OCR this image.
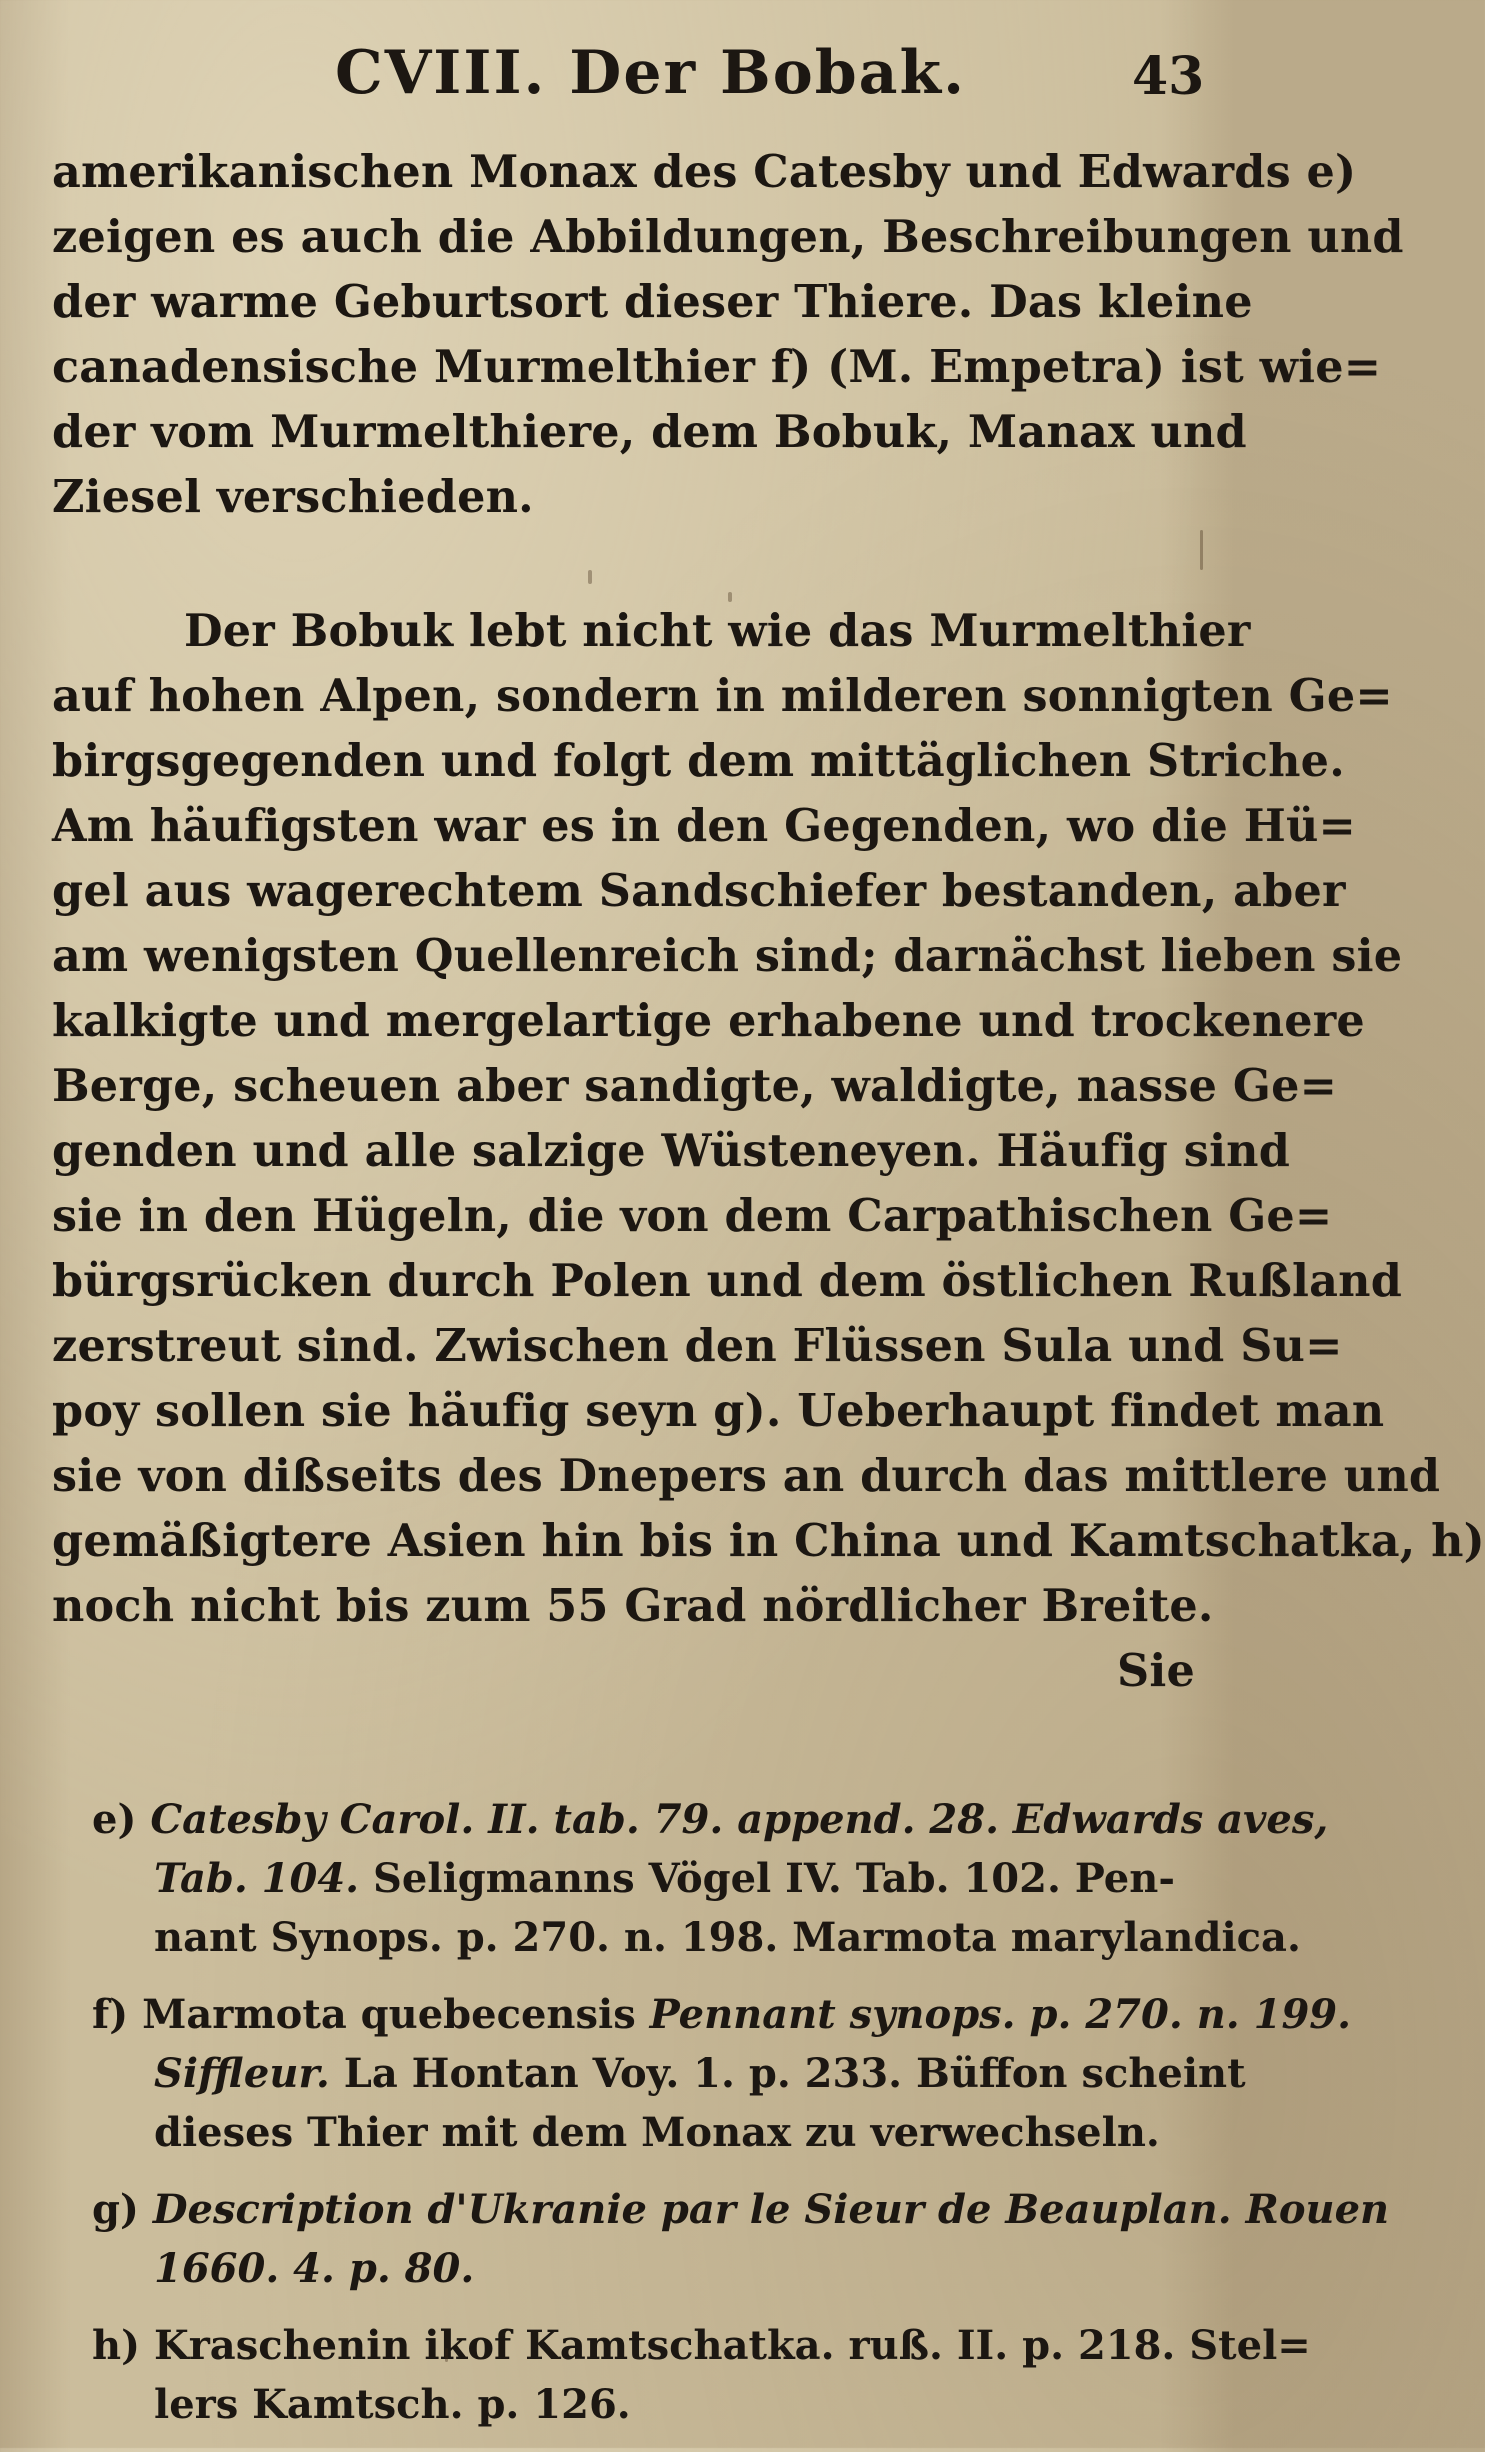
CVIII. Der Bobak.	43
amerikanischen Monax des Catesby und Edwards e)
zeigen es auch die Abbildungen, Beschreibungen und
der warme Geburtsort dieser Thiere. Das kleine
canadensische Murmelthier f) (M. Empetra) ist wie=
der vom Murmelthiere, dem Bobuk, Manax und
Ziesel verschieden.
Der Bobuk lebt nicht wie das Murmelthier
auf hohen Alpen, sondern in milderen sonnigten Ge=
birgsgegenden und folgt dem mittäglichen Striche.
Am häufigsten war es in den Gegenden, wo die Hü=
gel aus wagerechtem Sandschiefer bestanden, aber
am wenigsten Quellenreich sind; darnächst lieben sie
kalkigte und mergelartige erhabene und trockenere
Berge, scheuen aber sandigte, waldigte, nasse Ge=
genden und alle salzige Wüsteneyen. Häufig sind
sie in den Hügeln, die von dem Carpathischen Ge=
bürgsrücken durch Polen und dem östlichen Rußland
zerstreut sind. Zwischen den Flüssen Sula und Su=
poy sollen sie häufig seyn g). Ueberhaupt findet man
sie von dißseits des Dnepers an durch das mittlere und
gemäßigtere Asien hin bis in China und Kamtschatka, h)
noch nicht bis zum 55 Grad nördlicher Breite.
Sie
e) Catesby Carol. II. tab. 79. append. 28. Edwards aves,
Tab. 104. Seligmanns Vögel IV. Tab. 102. Pen-
nant Synops. p. 270. n. 198. Marmota marylandica.
f) Marmota quebecensis Pennant synops. p. 270. n. 199.
Siffleur. La Hontan Voy. 1. p. 233. Büffon scheint
dieses Thier mit dem Monax zu verwechseln.
g) Description d'Ukranie par le Sieur de Beauplan. Rouen
1660. 4. p. 80.
h) Kraschenin ikof Kamtschatka. ruß. II. p. 218. Stel=
lers Kamtsch. p. 126.
